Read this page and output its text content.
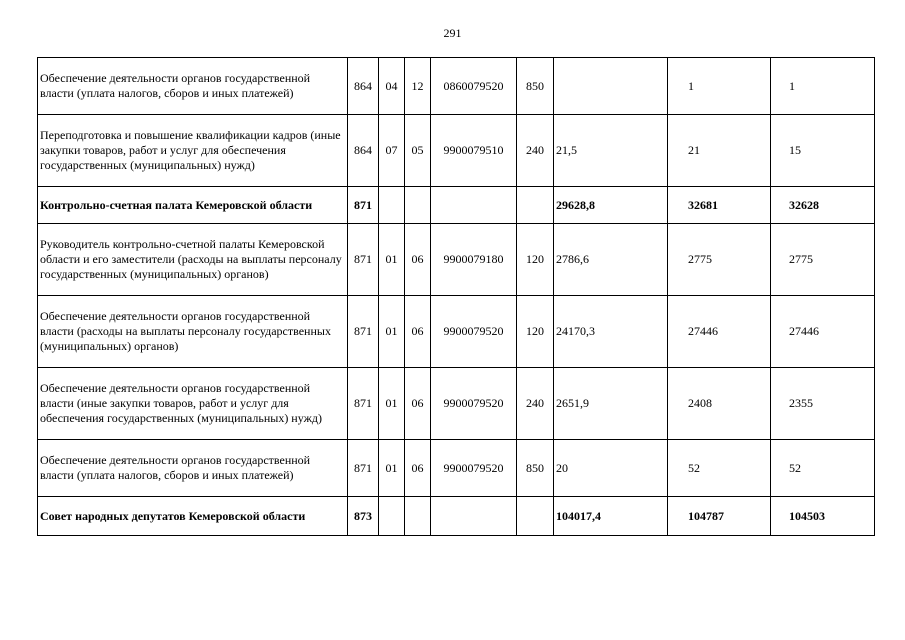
291
Обеспечение деятельности органов государственной власти (уплата налогов, сборов и иных платежей)	864	04	12	0860079520	850		1	1
Переподготовка и повышение квалификации кадров (иные закупки товаров, работ и услуг для обеспечения государственных (муниципальных) нужд)	864	07	05	9900079510	240	21,5	21	15
Контрольно-счетная палата Кемеровской области	871					29628,8	32681	32628
Руководитель контрольно-счетной палаты Кемеровской области и его заместители (расходы на выплаты персоналу государственных (муниципальных) органов)	871	01	06	9900079180	120	2786,6	2775	2775
Обеспечение деятельности органов государственной власти (расходы на выплаты персоналу государственных (муниципальных) органов)	871	01	06	9900079520	120	24170,3	27446	27446
Обеспечение деятельности органов государственной власти (иные закупки товаров, работ и услуг для обеспечения государственных (муниципальных) нужд)	871	01	06	9900079520	240	2651,9	2408	2355
Обеспечение деятельности органов государственной власти (уплата налогов, сборов и иных платежей)	871	01	06	9900079520	850	20	52	52
Совет народных депутатов Кемеровской области	873					104017,4	104787	104503
